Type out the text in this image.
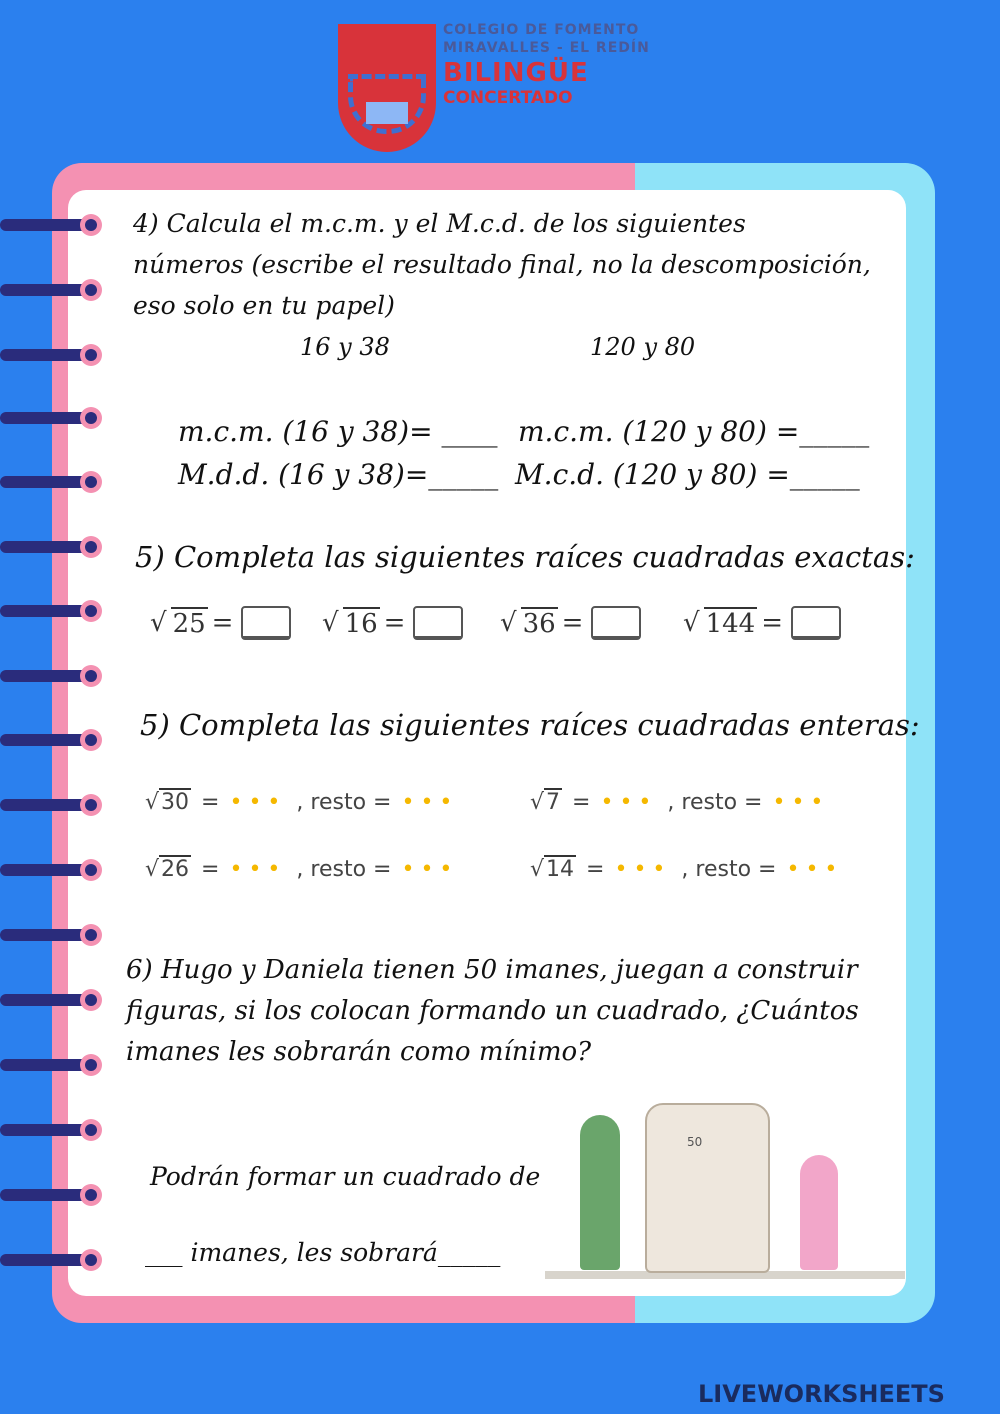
COLEGIO DE FOMENTO
MIRAVALLES - EL REDÍN
BILINGÜE
CONCERTADO
4) Calcula el m.c.m. y el M.c.d. de los siguientes
números (escribe el resultado final, no la descomposición,
eso solo en tu papel)
16 y 38	120 y 80
m.c.m. (16 y 38)= ____ m.c.m. (120 y 80) =_____
M.d.d. (16 y 38)=_____ M.c.d. (120 y 80) =_____
5) Completa las siguientes raíces cuadradas exactas:
√ 25 =	√ 16 =	√ 36 =	√ 144 =
5) Completa las siguientes raíces cuadradas enteras:
√30 = ••• , resto = •••	√7 = ••• , resto = •••
√26 = ••• , resto = •••	√14 = ••• , resto = •••
6) Hugo y Daniela tienen 50 imanes, juegan a construir
figuras, si los colocan formando un cuadrado, ¿Cuántos
imanes les sobrarán como mínimo?
Podrán formar un cuadrado de
___ imanes, les sobrará_____
50
LIVEWORKSHEETS
